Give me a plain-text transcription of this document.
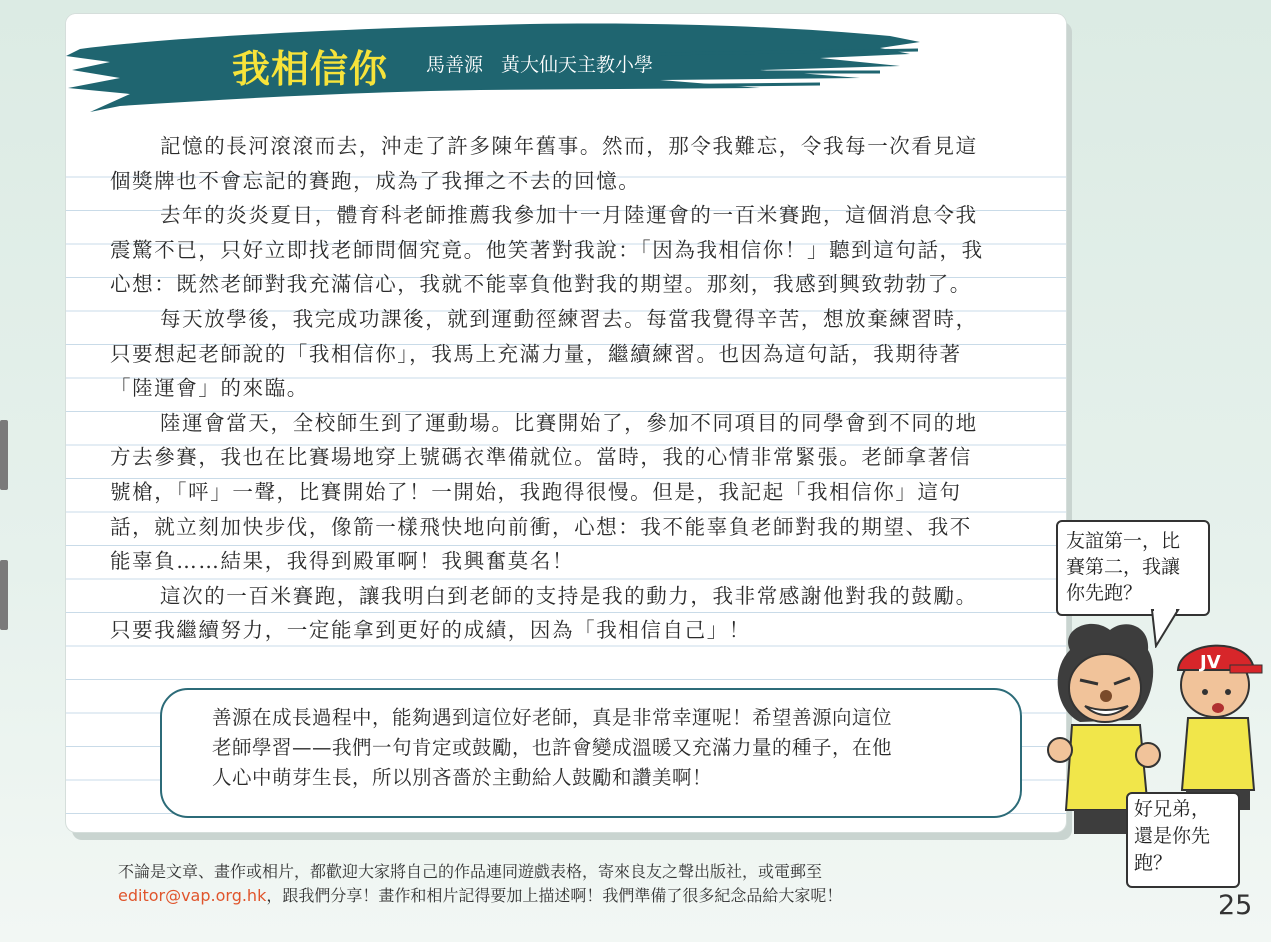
我相信你 馬善源 黃大仙天主教小學
記憶的長河滾滾而去，沖走了許多陳年舊事。然而，那令我難忘，令我每一次看見這
個獎牌也不會忘記的賽跑，成為了我揮之不去的回憶。
去年的炎炎夏日，體育科老師推薦我參加十一月陸運會的一百米賽跑，這個消息令我
震驚不已，只好立即找老師問個究竟。他笑著對我說：「因為我相信你！」聽到這句話，我
心想：既然老師對我充滿信心，我就不能辜負他對我的期望。那刻，我感到興致勃勃了。
每天放學後，我完成功課後，就到運動徑練習去。每當我覺得辛苦，想放棄練習時，
只要想起老師說的「我相信你」，我馬上充滿力量，繼續練習。也因為這句話，我期待著
「陸運會」的來臨。
陸運會當天，全校師生到了運動場。比賽開始了，參加不同項目的同學會到不同的地
方去參賽，我也在比賽場地穿上號碼衣準備就位。當時，我的心情非常緊張。老師拿著信
號槍，「呯」一聲，比賽開始了！一開始，我跑得很慢。但是，我記起「我相信你」這句
話，就立刻加快步伐，像箭一樣飛快地向前衝，心想：我不能辜負老師對我的期望、我不
能辜負……結果，我得到殿軍啊！我興奮莫名！
這次的一百米賽跑，讓我明白到老師的支持是我的動力，我非常感謝他對我的鼓勵。
只要我繼續努力，一定能拿到更好的成績，因為「我相信自己」！
善源在成長過程中，能夠遇到這位好老師，真是非常幸運呢！希望善源向這位
老師學習——我們一句肯定或鼓勵，也許會變成溫暖又充滿力量的種子，在他
人心中萌芽生長，所以別吝嗇於主動給人鼓勵和讚美啊！
友誼第一，比
賽第二，我讓
你先跑？
JV
好兄弟，
還是你先
跑？
不論是文章、畫作或相片，都歡迎大家將自己的作品連同遊戲表格，寄來良友之聲出版社，或電郵至
editor@vap.org.hk，跟我們分享！畫作和相片記得要加上描述啊！我們準備了很多紀念品給大家呢！	25
